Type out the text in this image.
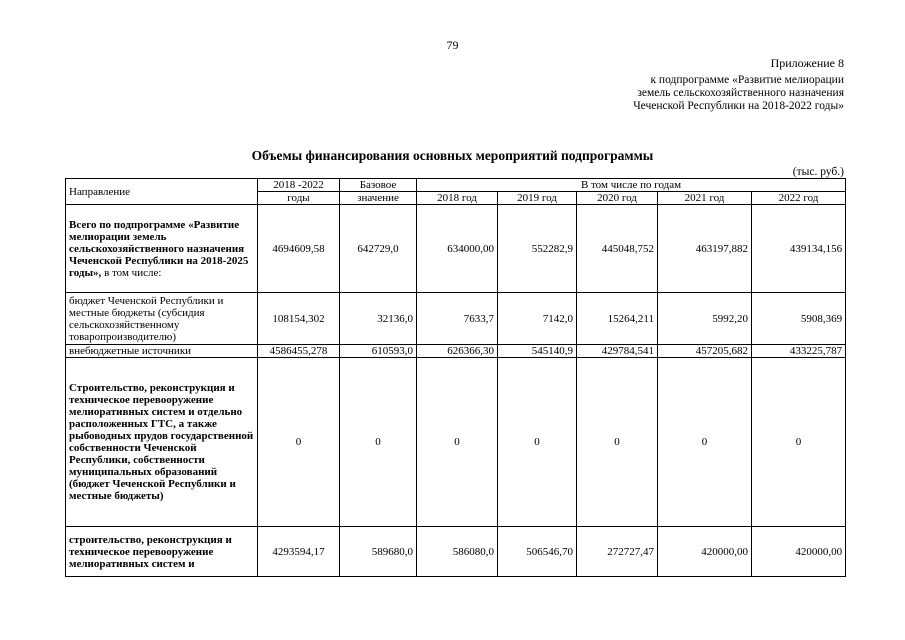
79
Приложение 8
к подпрограмме «Развитие мелиорации
земель сельскохозяйственного назначения
Чеченской Республики на 2018-2022 годы»
Объемы финансирования основных мероприятий подпрограммы
(тыс. руб.)
Направление	2018 -2022	Базовое	В том числе по годам				
	годы	значение	2018 год	2019 год	2020 год	2021 год	2022 год
Всего по подпрограмме «Развитие мелиорации земель сельскохозяйственного назначения Чеченской Республики на 2018-2025 годы», в том числе:	4694609,58	642729,0	634000,00	552282,9	445048,752	463197,882	439134,156
бюджет Чеченской Республики и местные бюджеты (субсидия сельскохозяйственному товаропроизводителю)	108154,302	32136,0	7633,7	7142,0	15264,211	5992,20	5908,369
внебюджетные источники	4586455,278	610593,0	626366,30	545140,9	429784,541	457205,682	433225,787
Строительство, реконструкция и техническое перевооружение мелиоративных систем и отдельно расположенных ГТС, а также рыбоводных прудов государственной собственности Чеченской Республики, собственности муниципальных образований (бюджет Чеченской Республики и местные бюджеты)	0	0	0	0	0	0	0
строительство, реконструкция и техническое перевооружение мелиоративных систем и	4293594,17	589680,0	586080,0	506546,70	272727,47	420000,00	420000,00
